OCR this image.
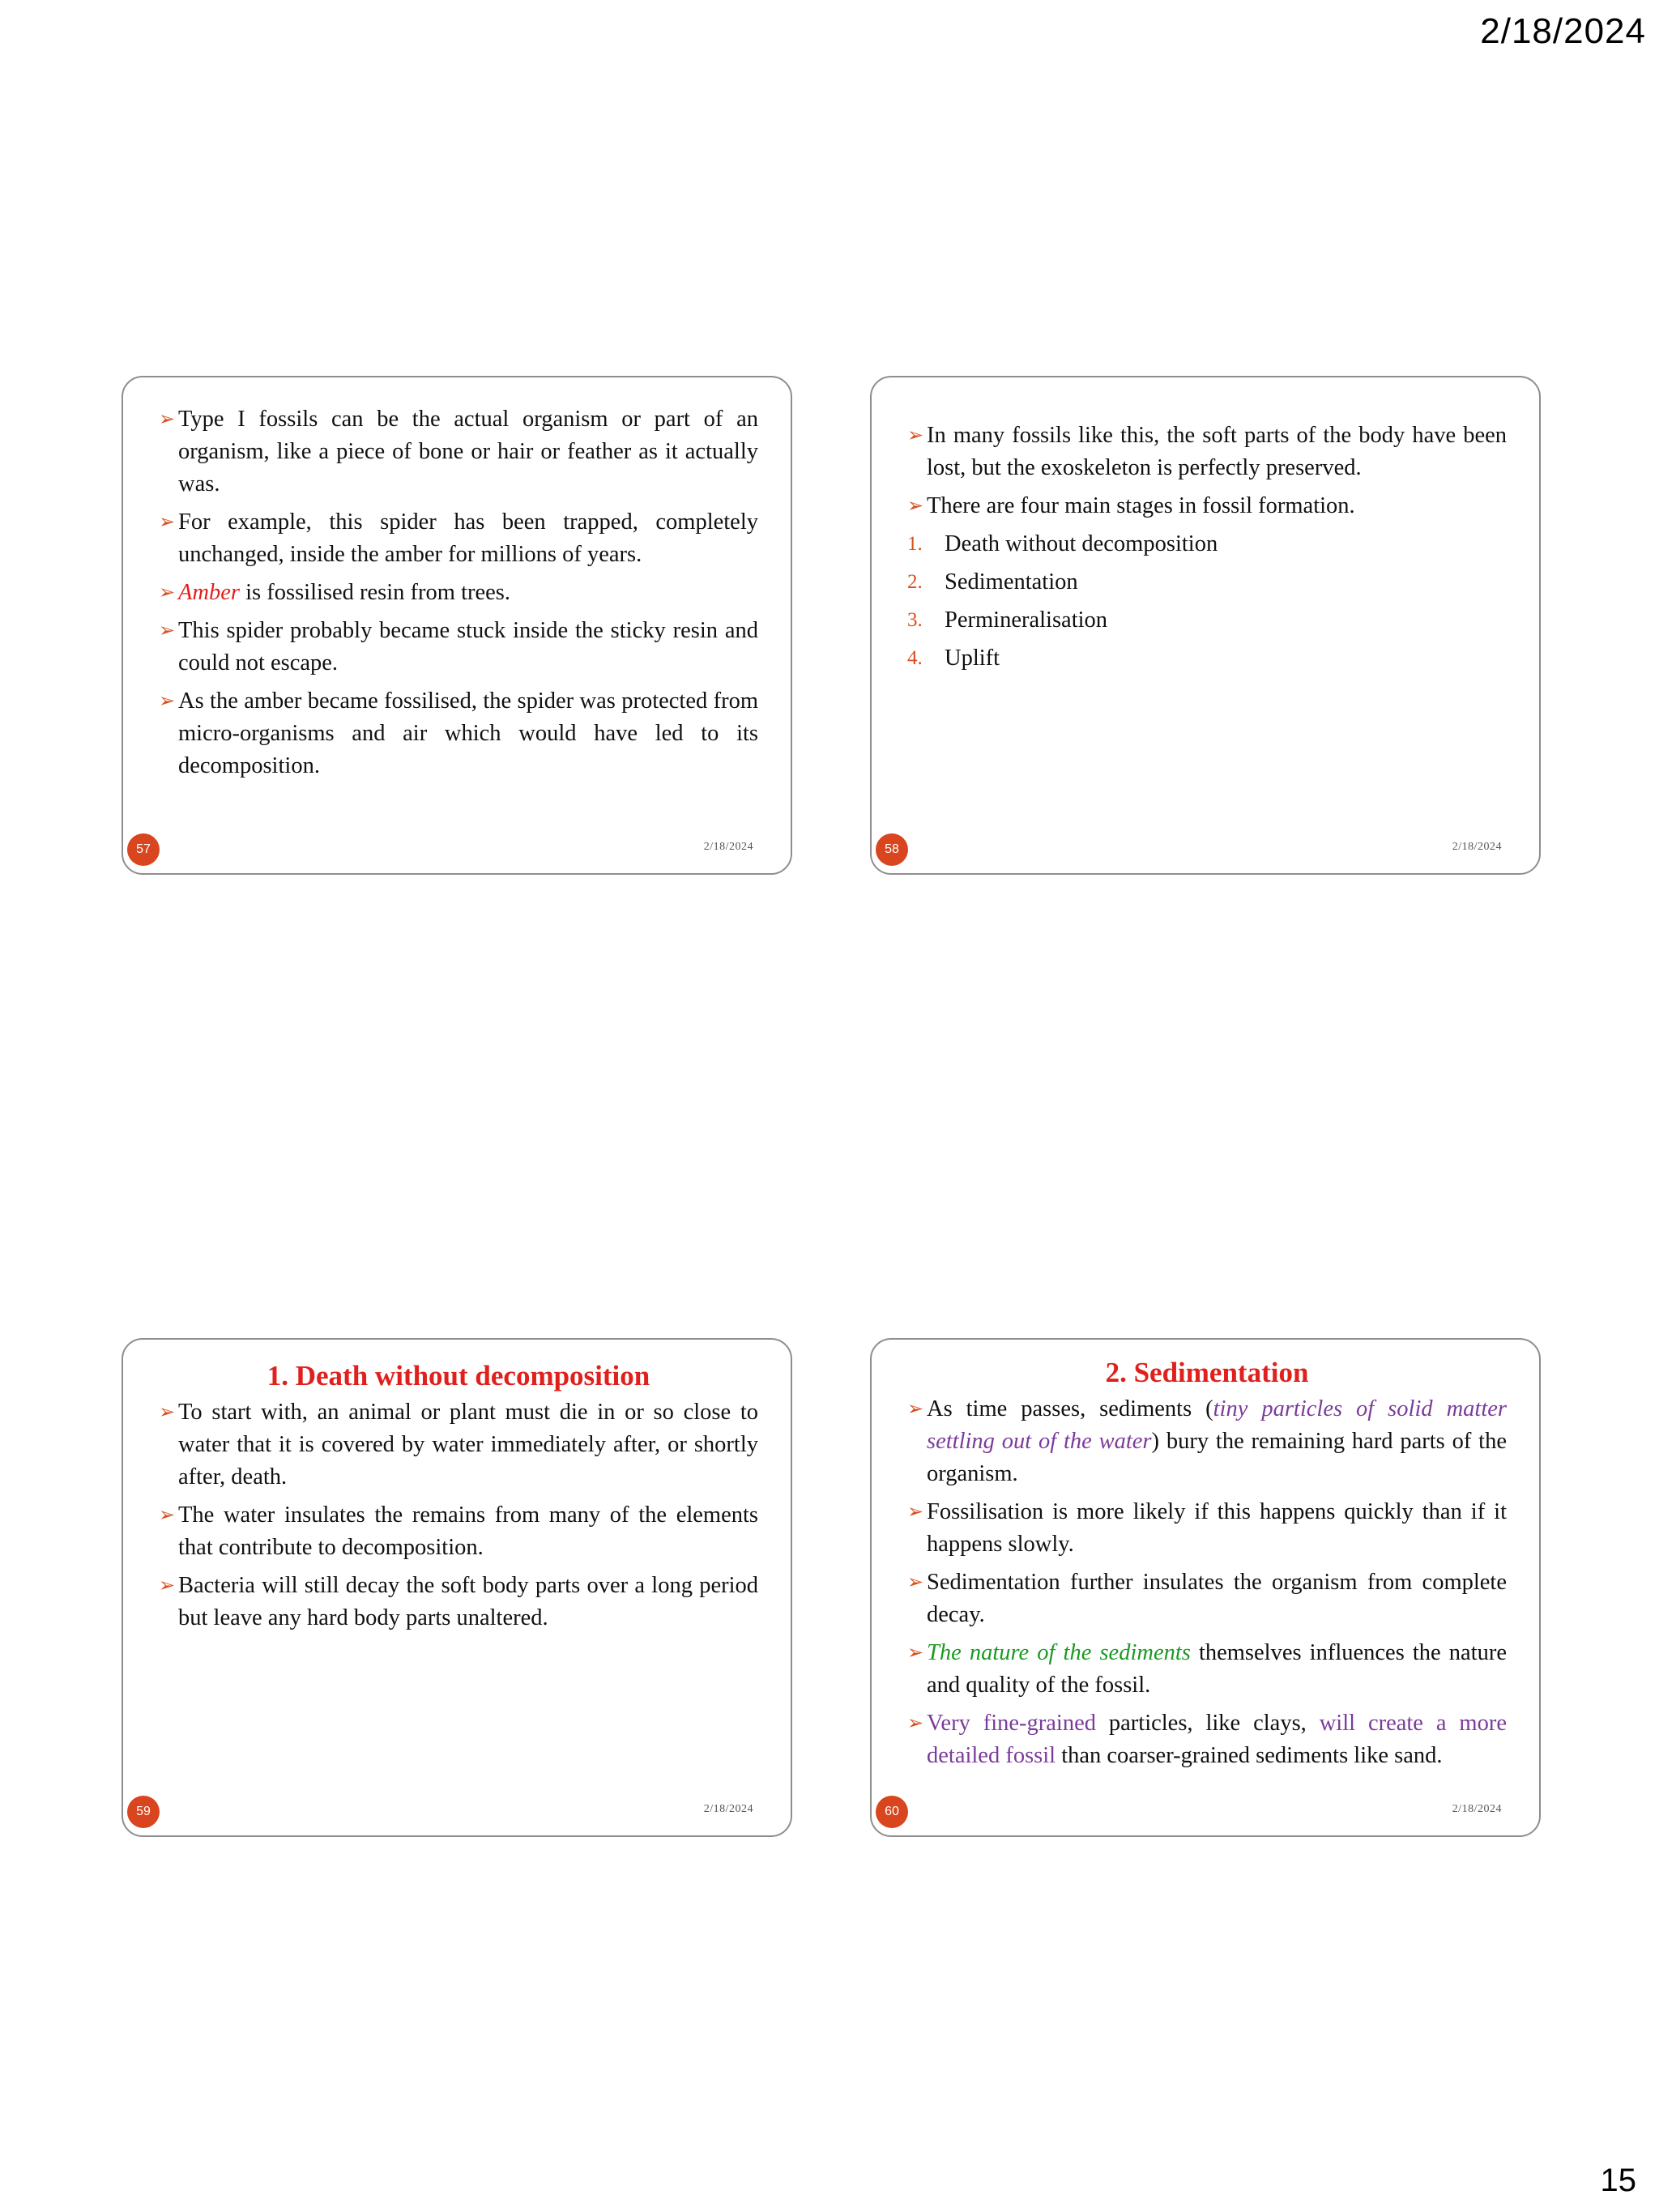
2/18/2024
➢ Type I fossils can be the actual organism or part of an organism, like a piece of bone or hair or feather as it actually was.
➢ For example, this spider has been trapped, completely unchanged, inside the amber for millions of years.
➢ Amber is fossilised resin from trees.
➢ This spider probably became stuck inside the sticky resin and could not escape.
➢ As the amber became fossilised, the spider was protected from micro-organisms and air which would have led to its decomposition.
57	2/18/2024
➢ In many fossils like this, the soft parts of the body have been lost, but the exoskeleton is perfectly preserved.
➢ There are four main stages in fossil formation.
1. Death without decomposition
2. Sedimentation
3. Permineralisation
4. Uplift
58	2/18/2024
1. Death without decomposition
➢ To start with, an animal or plant must die in or so close to water that it is covered by water immediately after, or shortly after, death.
➢ The water insulates the remains from many of the elements that contribute to decomposition.
➢ Bacteria will still decay the soft body parts over a long period but leave any hard body parts unaltered.
59	2/18/2024
2. Sedimentation
➢ As time passes, sediments (tiny particles of solid matter settling out of the water) bury the remaining hard parts of the organism.
➢ Fossilisation is more likely if this happens quickly than if it happens slowly.
➢ Sedimentation further insulates the organism from complete decay.
➢ The nature of the sediments themselves influences the nature and quality of the fossil.
➢ Very fine-grained particles, like clays, will create a more detailed fossil than coarser-grained sediments like sand.
60	2/18/2024
15
